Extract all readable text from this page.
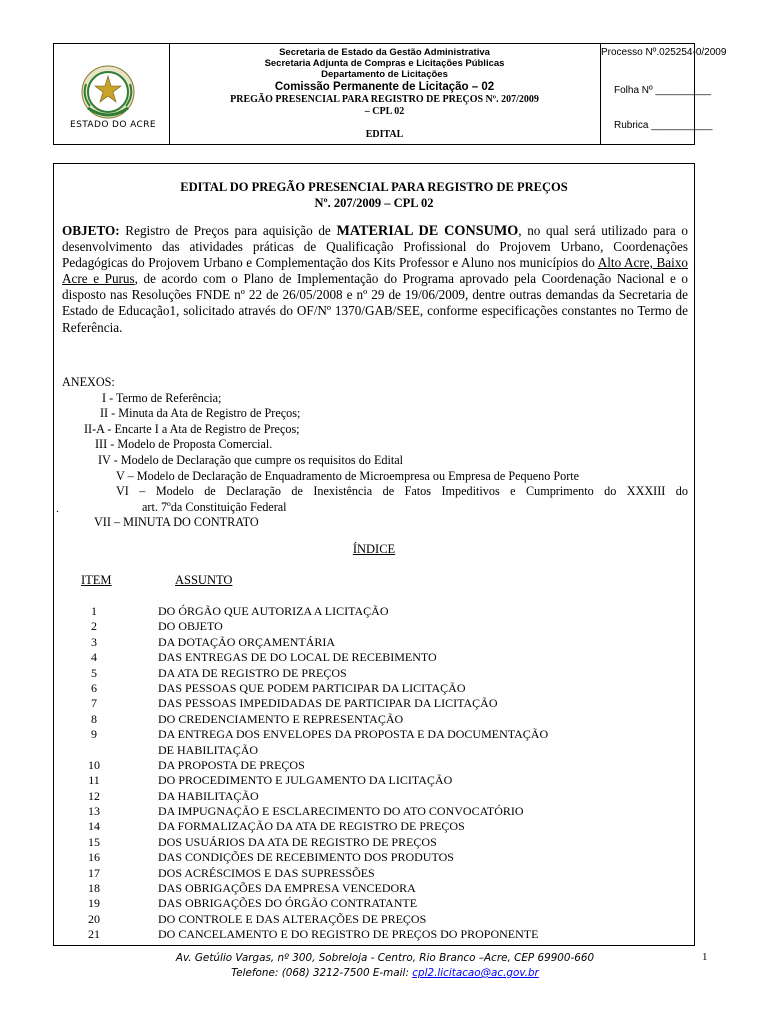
ESTADO DO ACRE
Secretaria de Estado da Gestão Administrativa
Secretaria Adjunta de Compras e Licitações Públicas
Departamento de Licitações
Comissão Permanente de Licitação – 02
PREGÃO PRESENCIAL PARA REGISTRO DE PREÇOS Nº. 207/2009
– CPL 02
EDITAL
Processo Nº.025254-0/2009
Folha Nº __________
Rubrica ___________
EDITAL DO PREGÃO PRESENCIAL PARA REGISTRO DE PREÇOS
Nº. 207/2009 – CPL 02
OBJETO: Registro de Preços para aquisição de MATERIAL DE CONSUMO, no qual será utilizado para o desenvolvimento das atividades práticas de Qualificação Profissional do Projovem Urbano, Coordenações Pedagógicas do Projovem Urbano e Complementação dos Kits Professor e Aluno nos municípios do Alto Acre, Baixo Acre e Purus, de acordo com o Plano de Implementação do Programa aprovado pela Coordenação Nacional e o disposto nas Resoluções FNDE nº 22 de 26/05/2008 e nº 29 de 19/06/2009, dentre outras demandas da Secretaria de Estado de Educação1, solicitado através do OF/Nº 1370/GAB/SEE, conforme especificações constantes no Termo de Referência.
ANEXOS:
I - Termo de Referência;
II - Minuta da Ata de Registro de Preços;
II-A - Encarte I a Ata de Registro de Preços;
III - Modelo de Proposta Comercial.
IV - Modelo de Declaração que cumpre os requisitos do Edital
V – Modelo de Declaração de Enquadramento de Microempresa ou Empresa de Pequeno Porte
VI – Modelo de Declaração de Inexistência de Fatos Impeditivos e Cumprimento do XXXIII do
art. 7ºda Constituição Federal
VII – MINUTA DO CONTRATO
.
ÍNDICE
ITEM	ASSUNTO
1	DO ÓRGÃO QUE AUTORIZA A LICITAÇÃO
2	DO OBJETO
3	DA DOTAÇÃO ORÇAMENTÁRIA
4	DAS ENTREGAS DE DO LOCAL DE RECEBIMENTO
5	DA ATA DE REGISTRO DE PREÇOS
6	DAS PESSOAS QUE PODEM PARTICIPAR DA LICITAÇÃO
7	DAS PESSOAS IMPEDIDADAS DE PARTICIPAR DA LICITAÇÃO
8	DO CREDENCIAMENTO E REPRESENTAÇÃO
9	DA ENTREGA DOS ENVELOPES DA PROPOSTA E DA DOCUMENTAÇÃO
DE HABILITAÇÃO
10	DA PROPOSTA DE PREÇOS
11	DO PROCEDIMENTO E JULGAMENTO DA LICITAÇÃO
12	DA HABILITAÇÃO
13	DA IMPUGNAÇÃO E ESCLARECIMENTO DO ATO CONVOCATÓRIO
14	DA FORMALIZAÇÃO DA ATA DE REGISTRO DE PREÇOS
15	DOS USUÁRIOS DA ATA DE REGISTRO DE PREÇOS
16	DAS CONDIÇÕES DE RECEBIMENTO DOS PRODUTOS
17	DOS ACRÉSCIMOS E DAS SUPRESSÕES
18	DAS OBRIGAÇÕES DA EMPRESA VENCEDORA
19	DAS OBRIGAÇÕES DO ÓRGÃO CONTRATANTE
20	DO CONTROLE E DAS ALTERAÇÕES DE PREÇOS
21	DO CANCELAMENTO E DO REGISTRO DE PREÇOS DO PROPONENTE
Av. Getúlio Vargas, nº 300, Sobreloja - Centro, Rio Branco –Acre, CEP 69900-660
Telefone: (068) 3212-7500 E-mail: cpl2.licitacao@ac.gov.br
1
